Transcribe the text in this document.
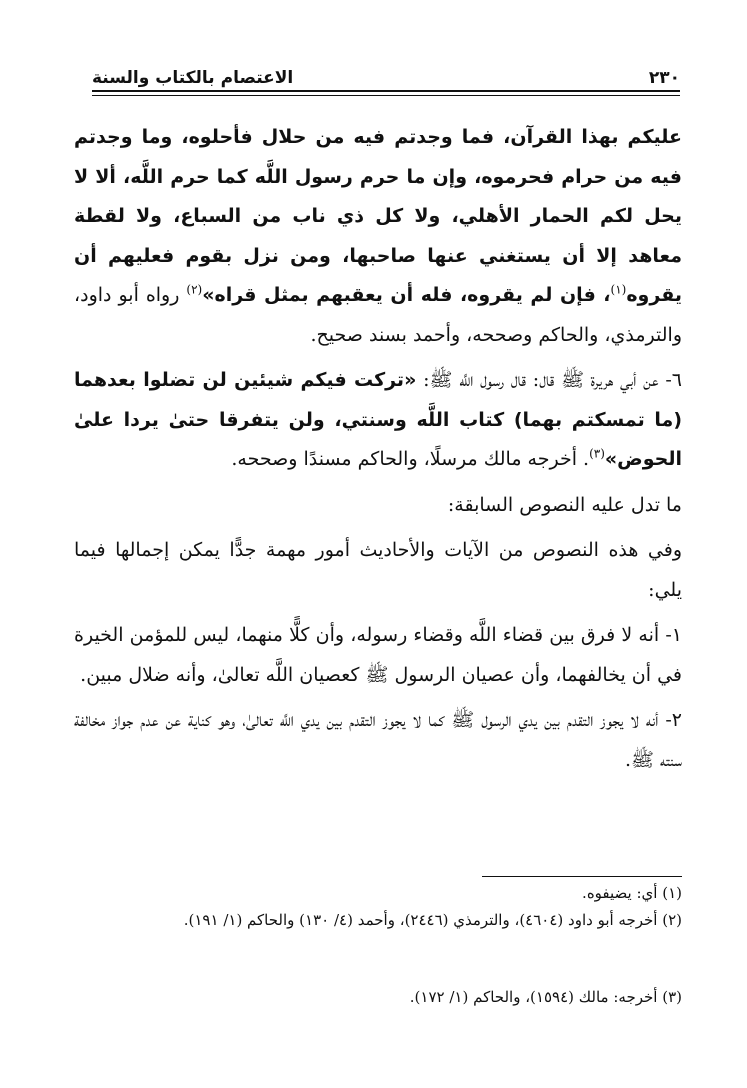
٢٣٠
الاعتصام بالكتاب والسنة

عليكم بهذا القرآن، فما وجدتم فيه من حلال فأحلوه، وما وجدتم فيه من حرام فحرموه، وإن ما حرم رسول اللَّه كما حرم اللَّه، ألا لا يحل لكم الحمار الأهلي، ولا كل ذي ناب من السباع، ولا لقطة معاهد إلا أن يستغني عنها صاحبها، ومن نزل بقوم فعليهم أن يقروه$^{(١)}$، فإن لم يقروه، فله أن يعقبهم بمثل قراه»$^{(٢)}$ رواه أبو داود، والترمذي، والحاكم وصححه، وأحمد بسند صحيح.

٦- عن أبي هريرة ﷺ قال: قال رسول اللَّه ﷺ: «تركت فيكم شيئين لن تضلوا بعدهما (ما تمسكتم بهما) كتاب اللَّه وسنتي، ولن يتفرقا حتىٰ يردا علىٰ الحوض»$^{(٣)}$. أخرجه مالك مرسلًا، والحاكم مسندًا وصححه.

ما تدل عليه النصوص السابقة:

وفي هذه النصوص من الآيات والأحاديث أمور مهمة جدًّا يمكن إجمالها فيما يلي:

١- أنه لا فرق بين قضاء اللَّه وقضاء رسوله، وأن كلًّا منهما، ليس للمؤمن الخيرة في أن يخالفهما، وأن عصيان الرسول ﷺ كعصيان اللَّه تعالىٰ، وأنه ضلال مبين.

٢- أنه لا يجوز التقدم بين يدي الرسول ﷺ كما لا يجوز التقدم بين يدي اللَّه تعالىٰ، وهو كناية عن عدم جواز مخالفة سنته ﷺ.

(١) أي: يضيفوه.
(٢) أخرجه أبو داود (٤٦٠٤)، والترمذي (٢٤٤٦)، وأحمد (٤/ ١٣٠) والحاكم (١/ ١٩١).
(٣) أخرجه: مالك (١٥٩٤)، والحاكم (١/ ١٧٢).
